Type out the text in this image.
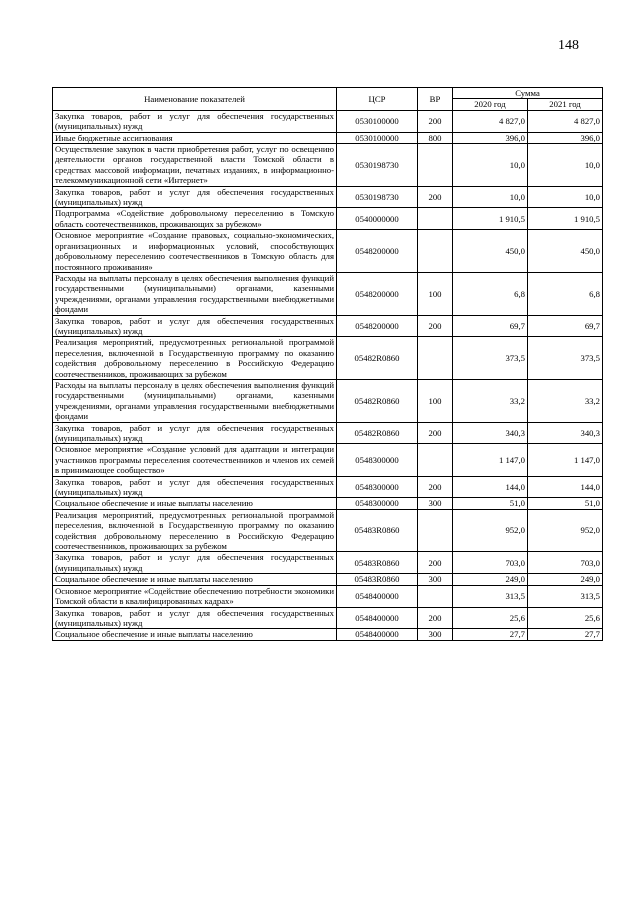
148
Наименование показателей	ЦСР	ВР	Сумма	
			2020 год	2021 год
Закупка товаров, работ и услуг для обеспечения государственных (муниципальных) нужд	0530100000	200	4 827,0	4 827,0
Иные бюджетные ассигнования	0530100000	800	396,0	396,0
Осуществление закупок в части приобретения работ, услуг по освещению деятельности органов государственной власти Томской области в средствах массовой информации, печатных изданиях, в информационно-телекоммуникационной сети «Интернет»	0530198730		10,0	10,0
Закупка товаров, работ и услуг для обеспечения государственных (муниципальных) нужд	0530198730	200	10,0	10,0
Подпрограмма «Содействие добровольному переселению в Томскую область соотечественников, проживающих за рубежом»	0540000000		1 910,5	1 910,5
Основное мероприятие «Создание правовых, социально-экономических, организационных и информационных условий, способствующих добровольному переселению соотечественников в Томскую область для постоянного проживания»	0548200000		450,0	450,0
Расходы на выплаты персоналу в целях обеспечения выполнения функций государственными (муниципальными) органами, казенными учреждениями, органами управления государственными внебюджетными фондами	0548200000	100	6,8	6,8
Закупка товаров, работ и услуг для обеспечения государственных (муниципальных) нужд	0548200000	200	69,7	69,7
Реализация мероприятий, предусмотренных региональной программой переселения, включенной в Государственную программу по оказанию содействия добровольному переселению в Российскую Федерацию соотечественников, проживающих за рубежом	05482R0860		373,5	373,5
Расходы на выплаты персоналу в целях обеспечения выполнения функций государственными (муниципальными) органами, казенными учреждениями, органами управления государственными внебюджетными фондами	05482R0860	100	33,2	33,2
Закупка товаров, работ и услуг для обеспечения государственных (муниципальных) нужд	05482R0860	200	340,3	340,3
Основное мероприятие «Создание условий для адаптации и интеграции участников программы переселения соотечественников и членов их семей в принимающее сообщество»	0548300000		1 147,0	1 147,0
Закупка товаров, работ и услуг для обеспечения государственных (муниципальных) нужд	0548300000	200	144,0	144,0
Социальное обеспечение и иные выплаты населению	0548300000	300	51,0	51,0
Реализация мероприятий, предусмотренных региональной программой переселения, включенной в Государственную программу по оказанию содействия добровольному переселению в Российскую Федерацию соотечественников, проживающих за рубежом	05483R0860		952,0	952,0
Закупка товаров, работ и услуг для обеспечения государственных (муниципальных) нужд	05483R0860	200	703,0	703,0
Социальное обеспечение и иные выплаты населению	05483R0860	300	249,0	249,0
Основное мероприятие «Содействие обеспечению потребности экономики Томской области в квалифицированных кадрах»	0548400000		313,5	313,5
Закупка товаров, работ и услуг для обеспечения государственных (муниципальных) нужд	0548400000	200	25,6	25,6
Социальное обеспечение и иные выплаты населению	0548400000	300	27,7	27,7
